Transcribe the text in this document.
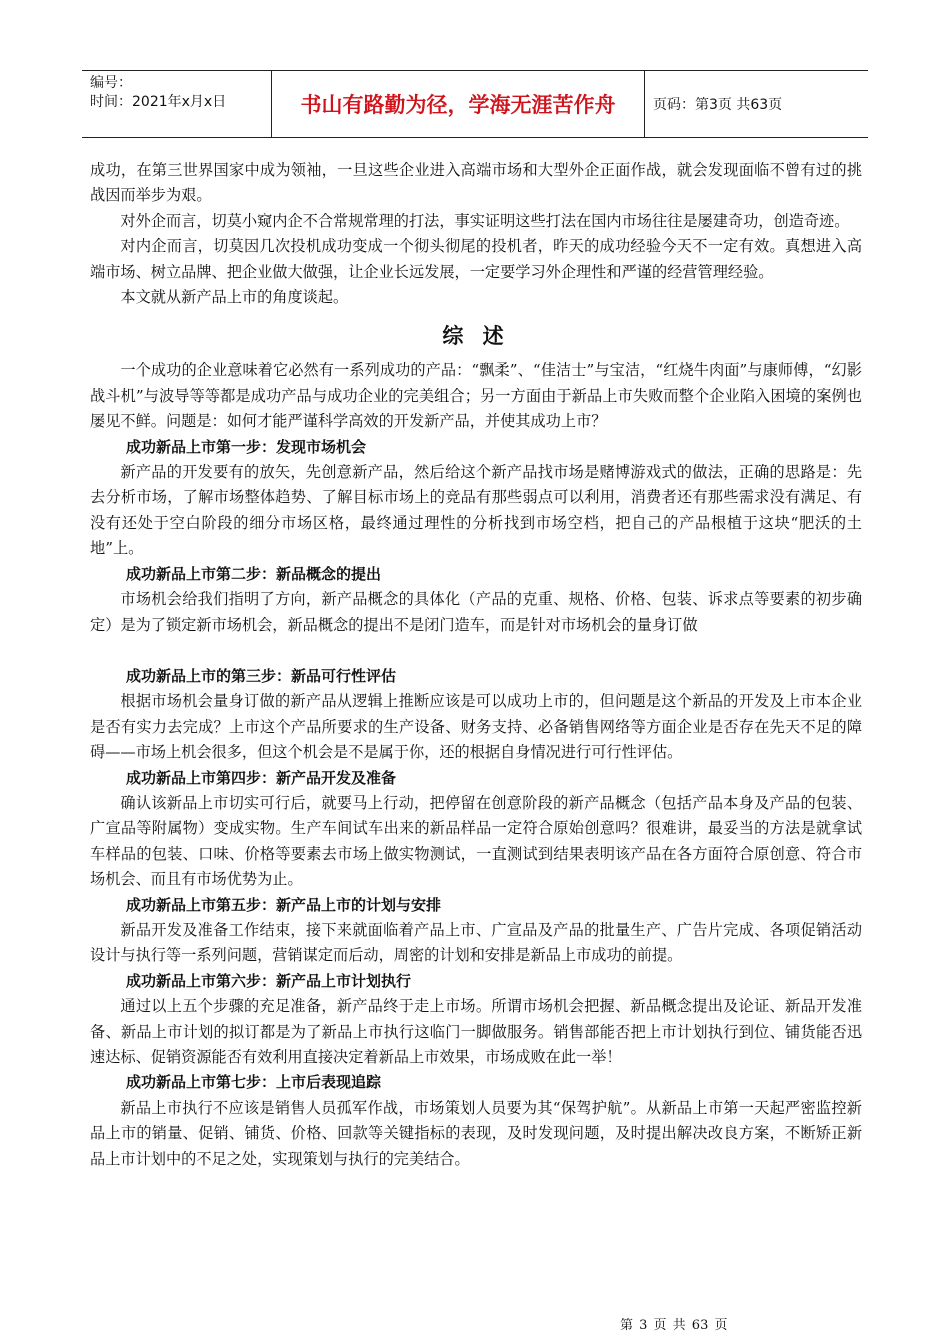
编号：
时间：2021年x月x日	书山有路勤为径，学海无涯苦作舟	页码：第3页 共63页

成功，在第三世界国家中成为领袖，一旦这些企业进入高端市场和大型外企正面作战，就会发现面临不曾有过的挑战因而举步为艰。

对外企而言，切莫小窥内企不合常规常理的打法，事实证明这些打法在国内市场往往是屡建奇功，创造奇迹。

对内企而言，切莫因几次投机成功变成一个彻头彻尾的投机者，昨天的成功经验今天不一定有效。真想进入高端市场、树立品牌、把企业做大做强，让企业长远发展，一定要学习外企理性和严谨的经营管理经验。

本文就从新产品上市的角度谈起。

综 述

一个成功的企业意味着它必然有一系列成功的产品：“飘柔”、“佳洁士”与宝洁，“红烧牛肉面”与康师傅，“幻影战斗机”与波导等等都是成功产品与成功企业的完美组合；另一方面由于新品上市失败而整个企业陷入困境的案例也屡见不鲜。问题是：如何才能严谨科学高效的开发新产品，并使其成功上市？

成功新品上市第一步：发现市场机会

新产品的开发要有的放矢，先创意新产品，然后给这个新产品找市场是赌博游戏式的做法，正确的思路是：先去分析市场，了解市场整体趋势、了解目标市场上的竞品有那些弱点可以利用，消费者还有那些需求没有满足、有没有还处于空白阶段的细分市场区格，最终通过理性的分析找到市场空档，把自己的产品根植于这块“肥沃的土地”上。

成功新品上市第二步：新品概念的提出

市场机会给我们指明了方向，新产品概念的具体化（产品的克重、规格、价格、包装、诉求点等要素的初步确定）是为了锁定新市场机会，新品概念的提出不是闭门造车，而是针对市场机会的量身订做

成功新品上市的第三步：新品可行性评估

根据市场机会量身订做的新产品从逻辑上推断应该是可以成功上市的，但问题是这个新品的开发及上市本企业是否有实力去完成？上市这个产品所要求的生产设备、财务支持、必备销售网络等方面企业是否存在先天不足的障碍——市场上机会很多，但这个机会是不是属于你，还的根据自身情况进行可行性评估。

成功新品上市第四步：新产品开发及准备

确认该新品上市切实可行后，就要马上行动，把停留在创意阶段的新产品概念（包括产品本身及产品的包装、广宣品等附属物）变成实物。生产车间试车出来的新品样品一定符合原始创意吗？很难讲，最妥当的方法是就拿试车样品的包装、口味、价格等要素去市场上做实物测试，一直测试到结果表明该产品在各方面符合原创意、符合市场机会、而且有市场优势为止。

成功新品上市第五步：新产品上市的计划与安排

新品开发及准备工作结束，接下来就面临着产品上市、广宣品及产品的批量生产、广告片完成、各项促销活动设计与执行等一系列问题，营销谋定而后动，周密的计划和安排是新品上市成功的前提。

成功新品上市第六步：新产品上市计划执行

通过以上五个步骤的充足准备，新产品终于走上市场。所谓市场机会把握、新品概念提出及论证、新品开发准备、新品上市计划的拟订都是为了新品上市执行这临门一脚做服务。销售部能否把上市计划执行到位、铺货能否迅速达标、促销资源能否有效利用直接决定着新品上市效果，市场成败在此一举！

成功新品上市第七步：上市后表现追踪

新品上市执行不应该是销售人员孤军作战，市场策划人员要为其“保驾护航”。从新品上市第一天起严密监控新品上市的销量、促销、铺货、价格、回款等关键指标的表现，及时发现问题，及时提出解决改良方案，不断矫正新品上市计划中的不足之处，实现策划与执行的完美结合。

第 3 页 共 63 页
